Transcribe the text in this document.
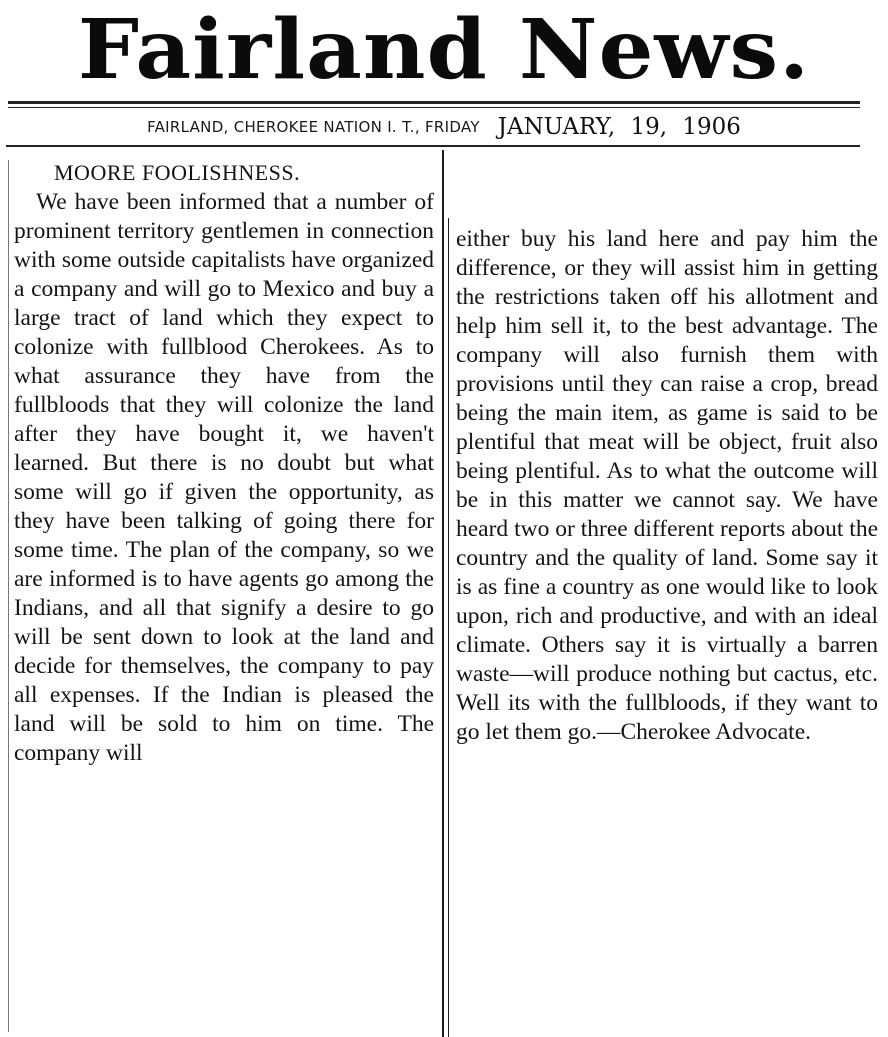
Fairland News.
FAIRLAND, CHEROKEE NATION I. T., FRIDAY JANUARY, 19, 1906
MOORE FOOLISHNESS.

We have been informed that a number of prominent territory gentlemen in connection with some outside capitalists have organized a company and will go to Mexico and buy a large tract of land which they expect to colonize with fullblood Cherokees. As to what assurance they have from the fullbloods that they will colonize the land after they have bought it, we haven't learned. But there is no doubt but what some will go if given the opportunity, as they have been talking of going there for some time. The plan of the company, so we are informed is to have agents go among the Indians, and all that signify a desire to go will be sent down to look at the land and decide for themselves, the company to pay all expenses. If the Indian is pleased the land will be sold to him on time. The company will

either buy his land here and pay him the difference, or they will assist him in getting the restrictions taken off his allotment and help him sell it, to the best advantage. The company will also furnish them with provisions until they can raise a crop, bread being the main item, as game is said to be plentiful that meat will be object, fruit also being plentiful. As to what the outcome will be in this matter we cannot say. We have heard two or three different reports about the country and the quality of land. Some say it is as fine a country as one would like to look upon, rich and productive, and with an ideal climate. Others say it is virtually a barren waste—will produce nothing but cactus, etc. Well its with the fullbloods, if they want to go let them go.—Cherokee Advocate.
